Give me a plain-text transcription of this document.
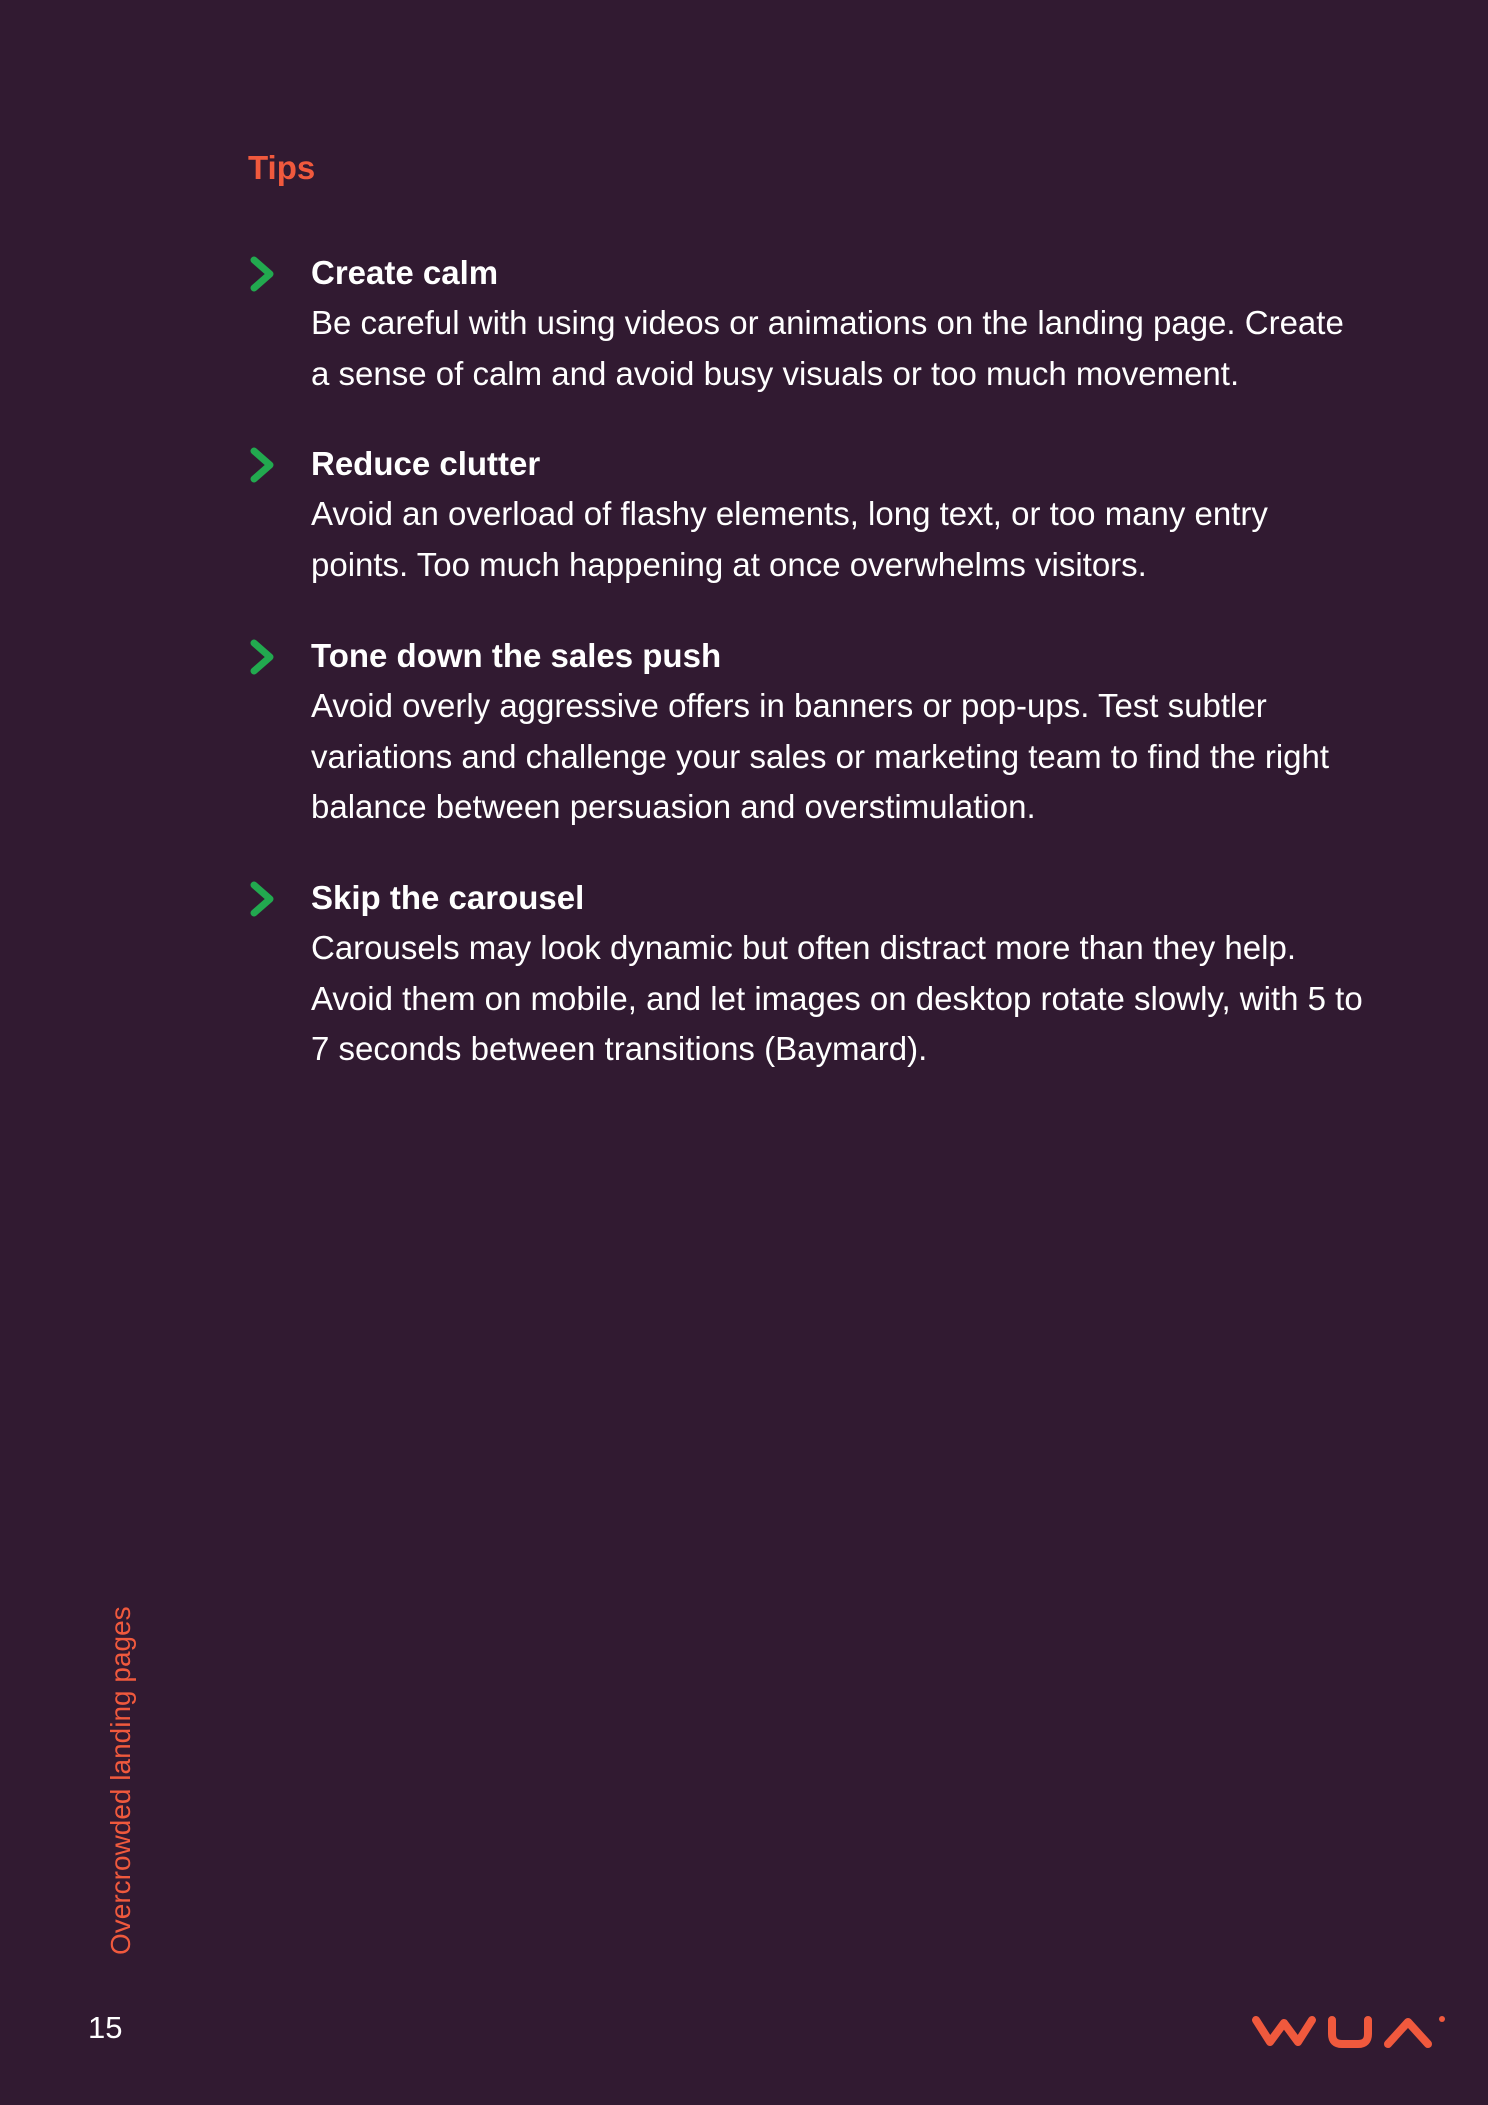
Tips
Create calm

Be careful with using videos or animations on the landing page. Create a sense of calm and avoid busy visuals or too much movement.

Reduce clutter

Avoid an overload of flashy elements, long text, or too many entry points. Too much happening at once overwhelms visitors.

Tone down the sales push

Avoid overly aggressive offers in banners or pop-ups. Test subtler variations and challenge your sales or marketing team to find the right balance between persuasion and overstimulation.

Skip the carousel

Carousels may look dynamic but often distract more than they help. Avoid them on mobile, and let images on desktop rotate slowly, with 5 to 7 seconds between transitions (Baymard).

Overcrowded landing pages
15
